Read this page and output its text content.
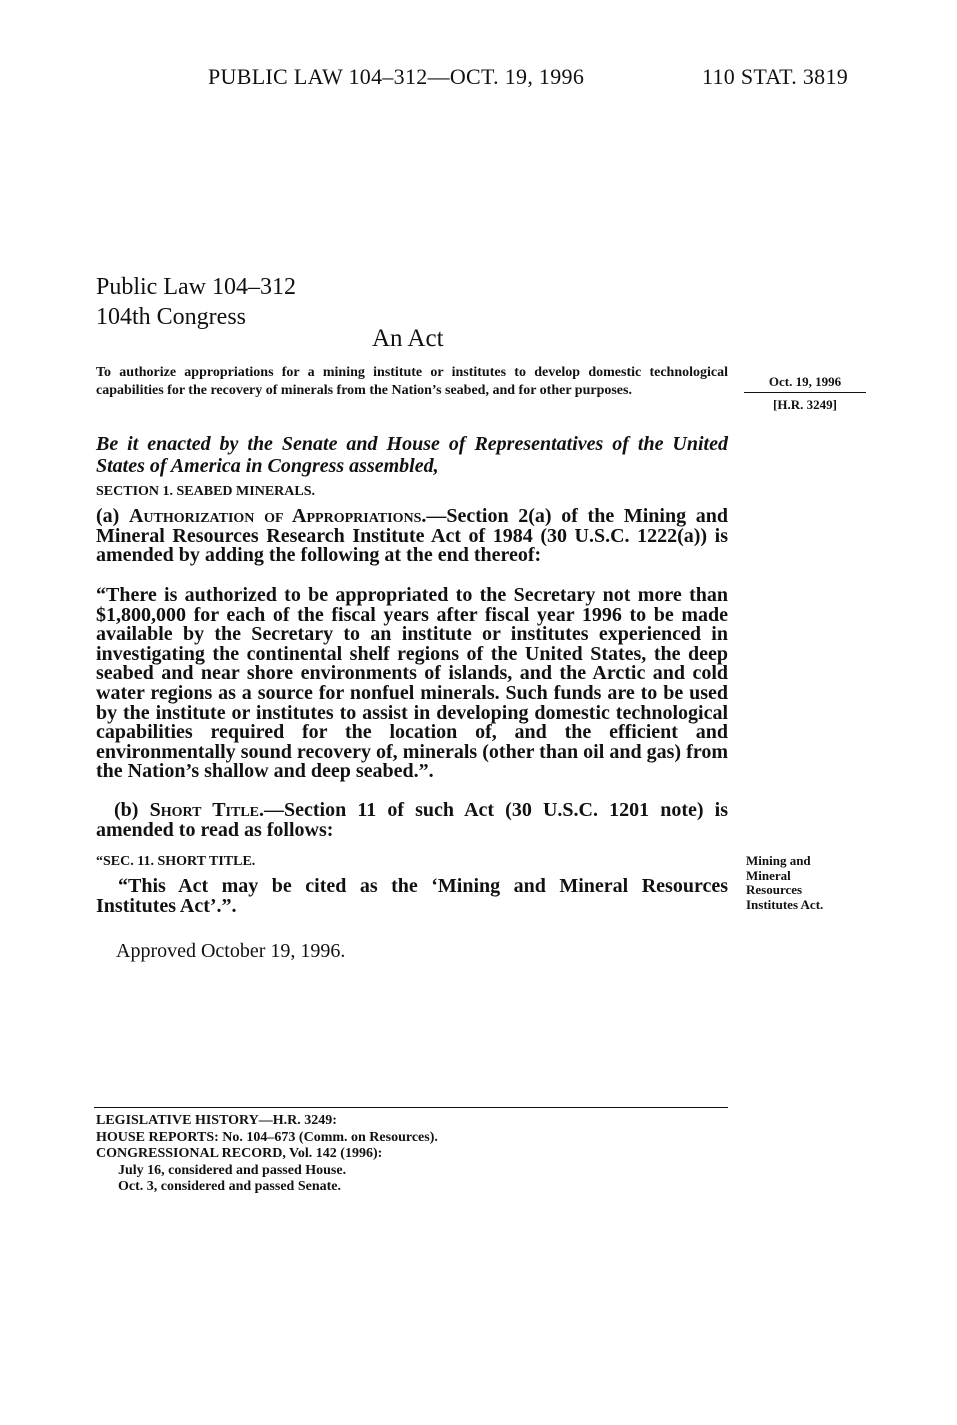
PUBLIC LAW 104–312—OCT. 19, 1996	110 STAT. 3819
Public Law 104–312
104th Congress
An Act
To authorize appropriations for a mining institute or institutes to develop domestic technological capabilities for the recovery of minerals from the Nation’s seabed, and for other purposes.
Oct. 19, 1996
[H.R. 3249]
Be it enacted by the Senate and House of Representatives of the United States of America in Congress assembled,
SECTION 1. SEABED MINERALS.
(a) Authorization of Appropriations.—Section 2(a) of the Mining and Mineral Resources Research Institute Act of 1984 (30 U.S.C. 1222(a)) is amended by adding the following at the end thereof:
“There is authorized to be appropriated to the Secretary not more than $1,800,000 for each of the fiscal years after fiscal year 1996 to be made available by the Secretary to an institute or institutes experienced in investigating the continental shelf regions of the United States, the deep seabed and near shore environments of islands, and the Arctic and cold water regions as a source for nonfuel minerals. Such funds are to be used by the institute or institutes to assist in developing domestic technological capabilities required for the location of, and the efficient and environmentally sound recovery of, minerals (other than oil and gas) from the Nation’s shallow and deep seabed.”.
(b) Short Title.—Section 11 of such Act (30 U.S.C. 1201 note) is amended to read as follows:
“SEC. 11. SHORT TITLE.
“This Act may be cited as the ‘Mining and Mineral Resources Institutes Act’.”.
Mining and
Mineral
Resources
Institutes Act.
Approved October 19, 1996.
LEGISLATIVE HISTORY—H.R. 3249:
HOUSE REPORTS: No. 104–673 (Comm. on Resources).
CONGRESSIONAL RECORD, Vol. 142 (1996):
July 16, considered and passed House.
Oct. 3, considered and passed Senate.
